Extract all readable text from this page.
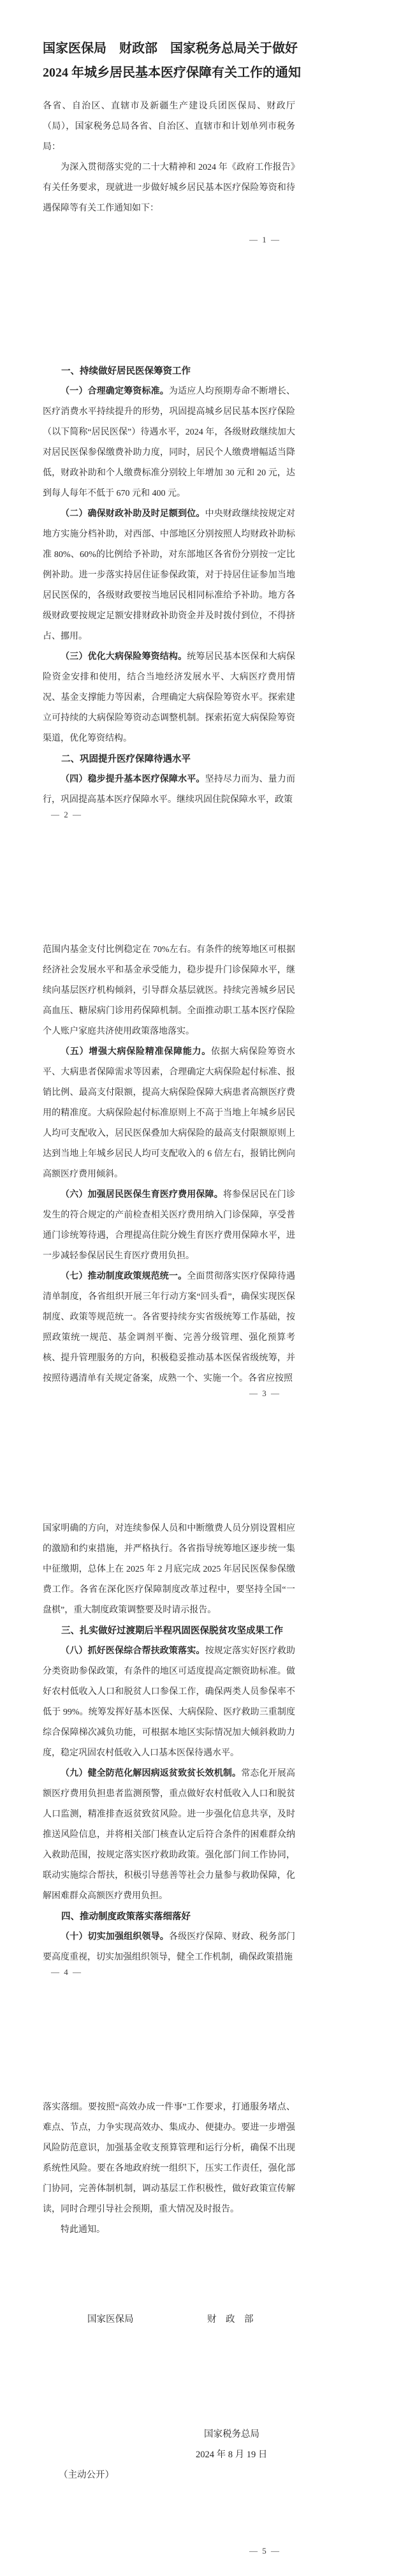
国家医保局　财政部　国家税务总局关于做好
2024 年城乡居民基本医疗保障有关工作的通知

各省、自治区、直辖市及新疆生产建设兵团医保局、财政厅（局），国家税务总局各省、自治区、直辖市和计划单列市税务局：

为深入贯彻落实党的二十大精神和 2024 年《政府工作报告》有关任务要求，现就进一步做好城乡居民基本医疗保险筹资和待遇保障等有关工作通知如下：

— 1 —
一、持续做好居民医保筹资工作

（一）合理确定筹资标准。为适应人均预期寿命不断增长、医疗消费水平持续提升的形势，巩固提高城乡居民基本医疗保险（以下简称“居民医保”）待遇水平，2024 年，各级财政继续加大对居民医保参保缴费补助力度，同时，居民个人缴费增幅适当降低，财政补助和个人缴费标准分别较上年增加 30 元和 20 元，达到每人每年不低于 670 元和 400 元。

（二）确保财政补助及时足额到位。中央财政继续按规定对地方实施分档补助，对西部、中部地区分别按照人均财政补助标准 80%、60%的比例给予补助，对东部地区各省份分别按一定比例补助。进一步落实持居住证参保政策，对于持居住证参加当地居民医保的，各级财政要按当地居民相同标准给予补助。地方各级财政要按规定足额安排财政补助资金并及时拨付到位，不得挤占、挪用。

（三）优化大病保险筹资结构。统筹居民基本医保和大病保险资金安排和使用，结合当地经济发展水平、大病医疗费用情况、基金支撑能力等因素，合理确定大病保险筹资水平。探索建立可持续的大病保险筹资动态调整机制。探索拓宽大病保险筹资渠道，优化筹资结构。

二、巩固提升医疗保障待遇水平

（四）稳步提升基本医疗保障水平。坚持尽力而为、量力而行，巩固提高基本医疗保障水平。继续巩固住院保障水平，政策

— 2 —

范围内基金支付比例稳定在 70%左右。有条件的统筹地区可根据经济社会发展水平和基金承受能力，稳步提升门诊保障水平，继续向基层医疗机构倾斜，引导群众基层就医。持续完善城乡居民高血压、糖尿病门诊用药保障机制。全面推动职工基本医疗保险个人账户家庭共济使用政策落地落实。

（五）增强大病保险精准保障能力。依据大病保险筹资水平、大病患者保障需求等因素，合理确定大病保险起付标准、报销比例、最高支付限额，提高大病保险保障大病患者高额医疗费用的精准度。大病保险起付标准原则上不高于当地上年城乡居民人均可支配收入，居民医保叠加大病保险的最高支付限额原则上达到当地上年城乡居民人均可支配收入的 6 倍左右，报销比例向高额医疗费用倾斜。

（六）加强居民医保生育医疗费用保障。将参保居民在门诊发生的符合规定的产前检查相关医疗费用纳入门诊保障，享受普通门诊统筹待遇，合理提高住院分娩生育医疗费用保障水平，进一步减轻参保居民生育医疗费用负担。

（七）推动制度政策规范统一。全面贯彻落实医疗保障待遇清单制度，各省组织开展三年行动方案“回头看”，确保实现医保制度、政策等规范统一。各省要持续夯实省级统筹工作基础，按照政策统一规范、基金调剂平衡、完善分级管理、强化预算考核、提升管理服务的方向，积极稳妥推动基本医保省级统筹，并按照待遇清单有关规定备案，成熟一个、实施一个。各省应按照

— 3 —

国家明确的方向，对连续参保人员和中断缴费人员分别设置相应的激励和约束措施，并严格执行。各省指导统筹地区逐步统一集中征缴期，总体上在 2025 年 2 月底完成 2025 年居民医保参保缴费工作。各省在深化医疗保障制度改革过程中，要坚持全国“一盘棋”，重大制度政策调整要及时请示报告。

三、扎实做好过渡期后半程巩固医保脱贫攻坚成果工作

（八）抓好医保综合帮扶政策落实。按规定落实好医疗救助分类资助参保政策，有条件的地区可适度提高定额资助标准。做好农村低收入人口和脱贫人口参保工作，确保两类人员参保率不低于 99%。统筹发挥好基本医保、大病保险、医疗救助三重制度综合保障梯次减负功能，可根据本地区实际情况加大倾斜救助力度，稳定巩固农村低收入人口基本医保待遇水平。

（九）健全防范化解因病返贫致贫长效机制。常态化开展高额医疗费用负担患者监测预警，重点做好农村低收入人口和脱贫人口监测，精准排查返贫致贫风险。进一步强化信息共享，及时推送风险信息，并将相关部门核查认定后符合条件的困难群众纳入救助范围，按规定落实医疗救助政策。强化部门间工作协同，联动实施综合帮扶，积极引导慈善等社会力量参与救助保障，化解困难群众高额医疗费用负担。

四、推动制度政策落实落细落好

（十）切实加强组织领导。各级医疗保障、财政、税务部门要高度重视，切实加强组织领导，健全工作机制，确保政策措施

— 4 —

落实落细。要按照“高效办成一件事”工作要求，打通服务堵点、难点、节点，力争实现高效办、集成办、便捷办。要进一步增强风险防范意识，加强基金收支预算管理和运行分析，确保不出现系统性风险。要在各地政府统一组织下，压实工作责任，强化部门协同，完善体制机制，调动基层工作积极性，做好政策宣传解读，同时合理引导社会预期，重大情况及时报告。

特此通知。

国家医保局	财　政　部

国家税务总局

2024 年 8 月 19 日

（主动公开）

— 5 —
